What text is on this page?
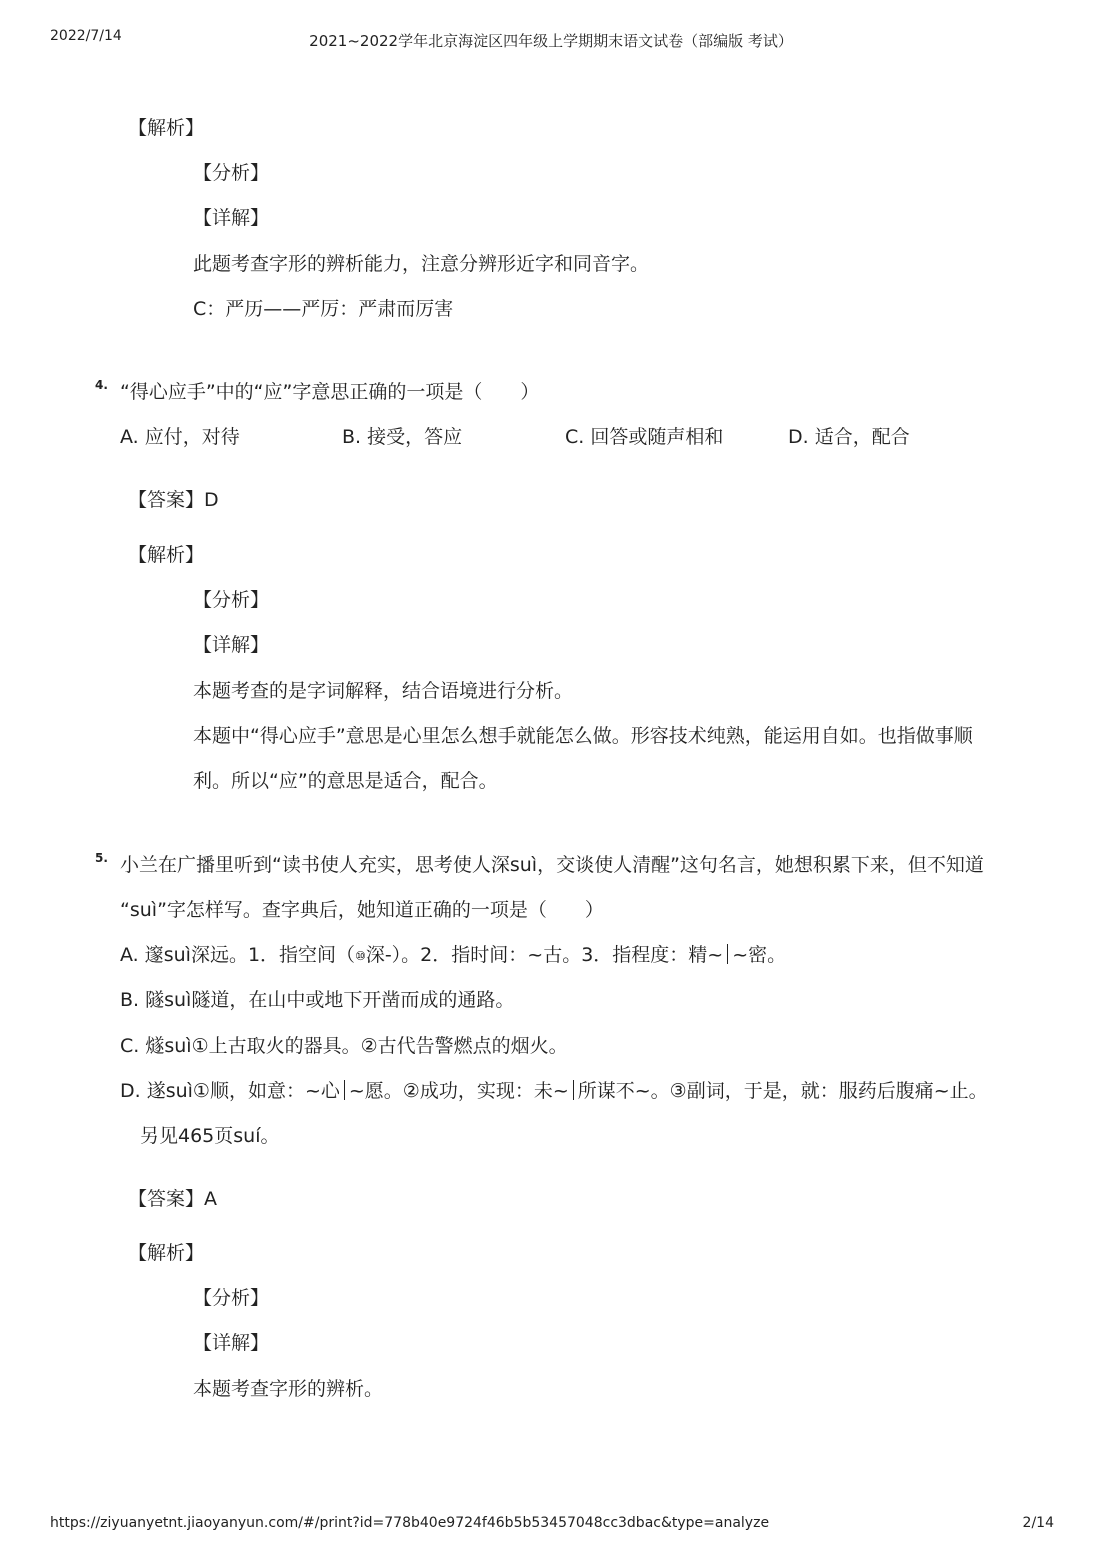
2022/7/14	2021~2022学年北京海淀区四年级上学期期末语文试卷（部编版 考试）
【解析】
【分析】
【详解】
此题考查字形的辨析能力，注意分辨形近字和同音字。
C：严历——严厉：严肃而厉害
4. “得心应手”中的“应”字意思正确的一项是（　　）
A. 应付，对待	B. 接受，答应	C. 回答或随声相和	D. 适合，配合
【答案】D
【解析】
【分析】
【详解】
本题考查的是字词解释，结合语境进行分析。
本题中“得心应手”意思是心里怎么想手就能怎么做。形容技术纯熟，能运用自如。也指做事顺
利。所以“应”的意思是适合，配合。
5. 小兰在广播里听到“读书使人充实，思考使人深suì，交谈使人清醒”这句名言，她想积累下来，但不知道
“suì”字怎样写。查字典后，她知道正确的一项是（　　）
A. 邃suì深远。1．指空间（⑩深-）。2．指时间：~古。3．指程度：精~ ~密。
B. 隧suì隧道，在山中或地下开凿而成的通路。
C. 燧suì①上古取火的器具。②古代告警燃点的烟火。
D. 遂suì①顺，如意：~心 ~愿。②成功，实现：未~ 所谋不~。③副词，于是，就：服药后腹痛~止。
另见465页suí。
【答案】A
【解析】
【分析】
【详解】
本题考查字形的辨析。
https://ziyuanyetnt.jiaoyanyun.com/#/print?id=778b40e9724f46b5b53457048cc3dbac&type=analyze	2/14
